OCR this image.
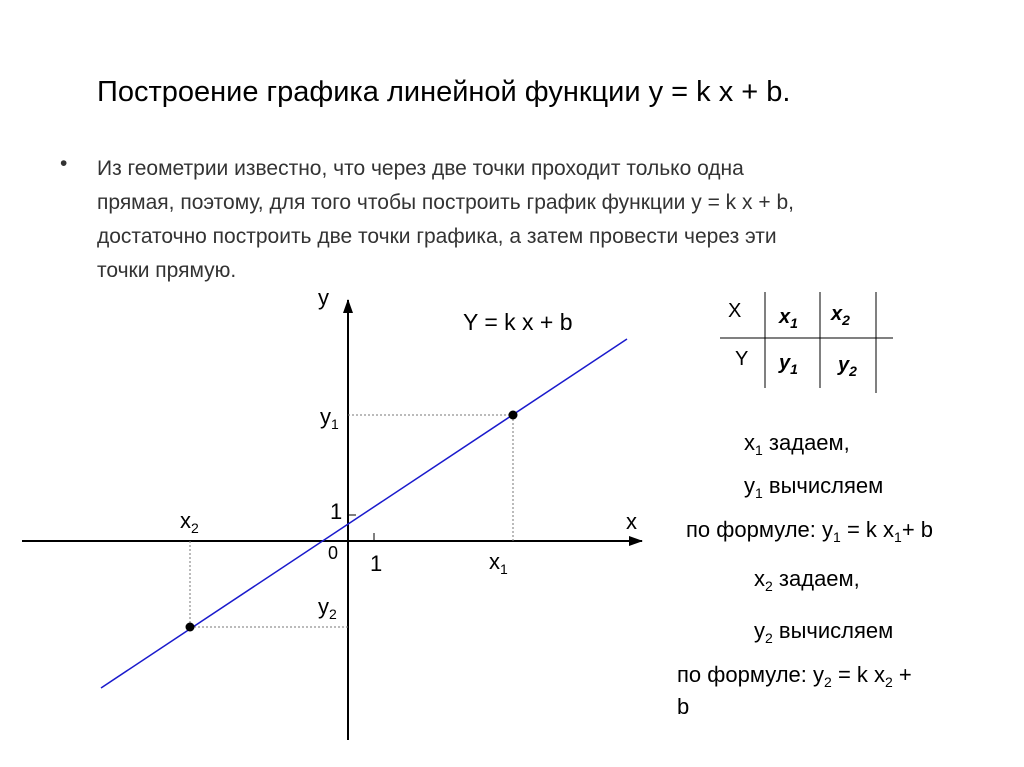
Построение графика линейной функции y = k x + b.
• Из геометрии известно, что через две точки проходит только одна
прямая, поэтому, для того чтобы построить график функции y = k x + b,
достаточно построить две точки графика, а затем провести через эти
точки прямую.
y
x
Y = k x + b
$y_1$
1
0 1	$x_1$
$x_2$
$y_2$
X
Y
$x_1$ $x_2$
$y_1$ $y_2$
$x_1$ задаем,
$y_1$ вычисляем
по формуле: $y_1 = k$ $x_1+ b$
$x_2$ задаем,
$y_2$ вычисляем
по формуле: $y_2 = k$ $x_2$ +
b
